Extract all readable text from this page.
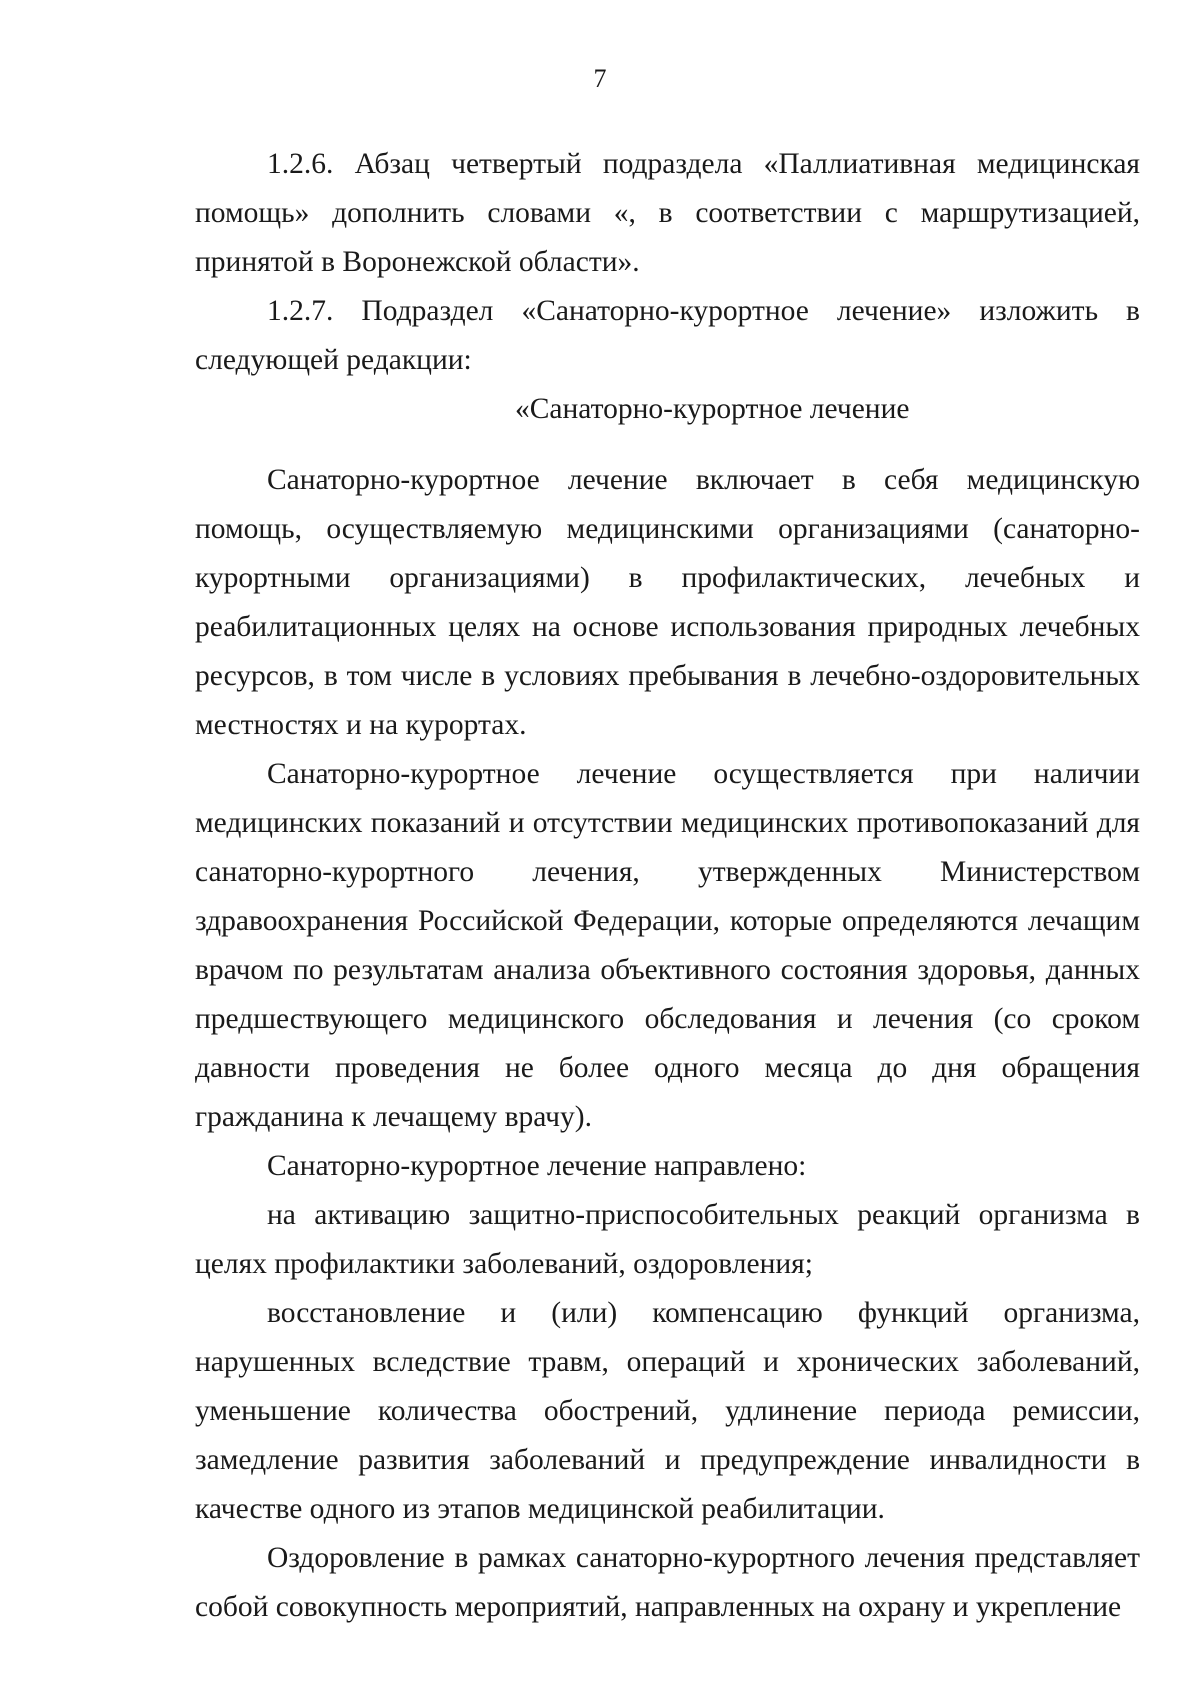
7

1.2.6. Абзац четвертый подраздела «Паллиативная медицинская помощь» дополнить словами «, в соответствии с маршрутизацией, принятой в Воронежской области».

1.2.7. Подраздел «Санаторно-курортное лечение» изложить в следующей редакции:

«Санаторно-курортное лечение

Санаторно-курортное лечение включает в себя медицинскую помощь, осуществляемую медицинскими организациями (санаторно-курортными организациями) в профилактических, лечебных и реабилитационных целях на основе использования природных лечебных ресурсов, в том числе в условиях пребывания в лечебно-оздоровительных местностях и на курортах.

Санаторно-курортное лечение осуществляется при наличии медицинских показаний и отсутствии медицинских противопоказаний для санаторно-курортного лечения, утвержденных Министерством здравоохранения Российской Федерации, которые определяются лечащим врачом по результатам анализа объективного состояния здоровья, данных предшествующего медицинского обследования и лечения (со сроком давности проведения не более одного месяца до дня обращения гражданина к лечащему врачу).

Санаторно-курортное лечение направлено:

на активацию защитно-приспособительных реакций организма в целях профилактики заболеваний, оздоровления;

восстановление и (или) компенсацию функций организма, нарушенных вследствие травм, операций и хронических заболеваний, уменьшение количества обострений, удлинение периода ремиссии, замедление развития заболеваний и предупреждение инвалидности в качестве одного из этапов медицинской реабилитации.

Оздоровление в рамках санаторно-курортного лечения представляет собой совокупность мероприятий, направленных на охрану и укрепление
